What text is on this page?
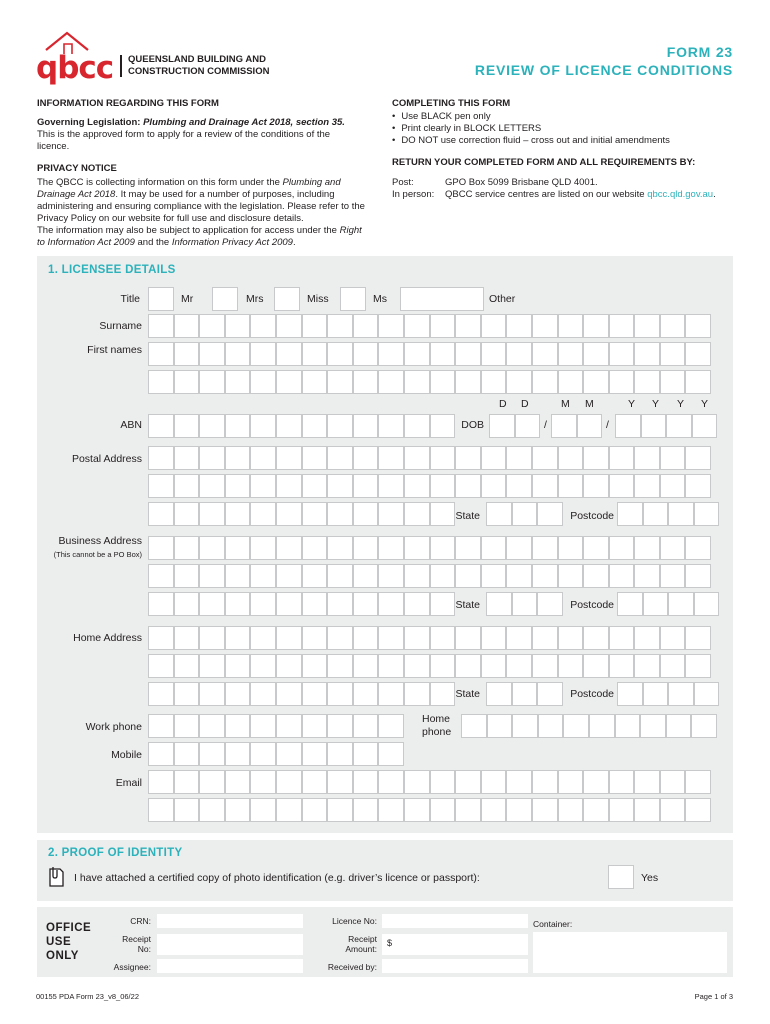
qbcc QUEENSLAND BUILDING AND
CONSTRUCTION COMMISSION
FORM 23
REVIEW OF LICENCE CONDITIONS
INFORMATION REGARDING THIS FORM

Governing Legislation: Plumbing and Drainage Act 2018, section 35.

This is the approved form to apply for a review of the conditions of the licence.

PRIVACY NOTICE

The QBCC is collecting information on this form under the Plumbing and Drainage Act 2018. It may be used for a number of purposes, including administering and ensuring compliance with the legislation. Please refer to the Privacy Policy on our website for full use and disclosure details.

The information may also be subject to application for access under the Right to Information Act 2009 and the Information Privacy Act 2009.

COMPLETING THIS FORM
• Use BLACK pen only
• Print clearly in BLOCK LETTERS
• DO NOT use correction fluid – cross out and initial amendments
RETURN YOUR COMPLETED FORM AND ALL REQUIREMENTS BY:
Post:	GPO Box 5099 Brisbane QLD 4001.
In person:	QBCC service centres are listed on our website qbcc.qld.gov.au.
1. LICENSEE DETAILS
Title	Mr	Mrs	Miss	Ms	Other
Surname
First names
D D	M M	Y Y Y Y
ABN	DOB	/	/
Postal Address
State	Postcode
Business Address
(This cannot be a PO Box)
State	Postcode
Home Address
State	Postcode
Work phone
Home
phone
Mobile
Email
2. PROOF OF IDENTITY
I have attached a certified copy of photo identification (e.g. driver’s licence or passport):	Yes
OFFICE
USE
ONLY
CRN:
Receipt
No:
Assignee:
Licence No:
Receipt
Amount:
$
Received by:
Container:
00155 PDA Form 23_v8_06/22	Page 1 of 3
